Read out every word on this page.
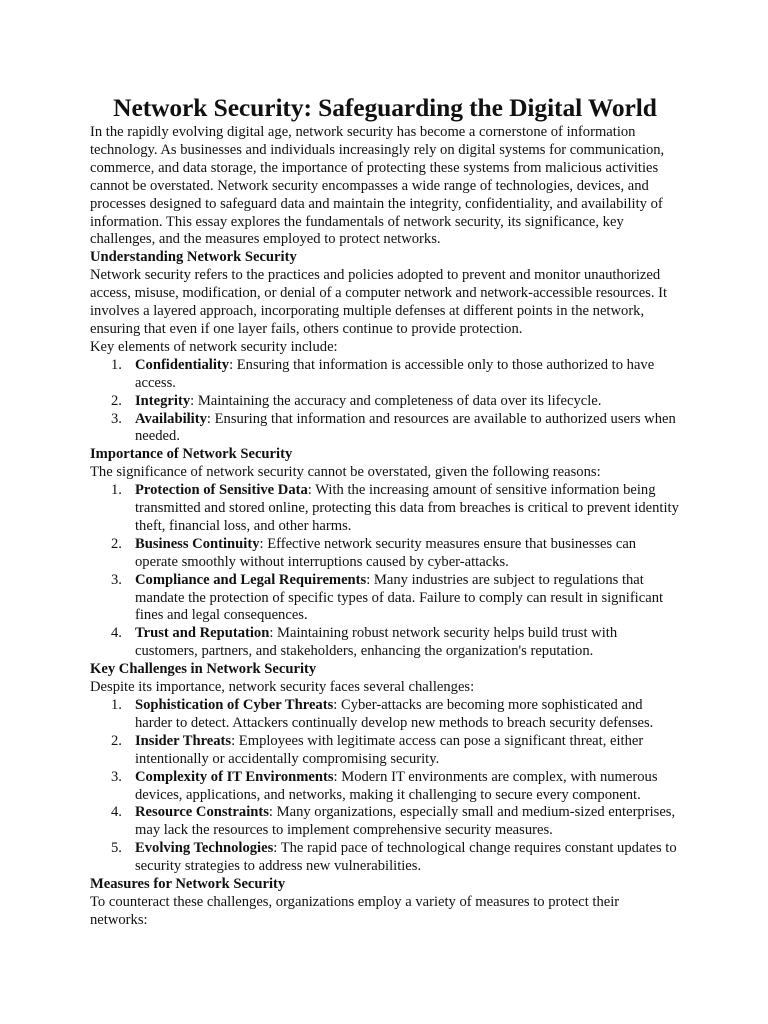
Network Security: Safeguarding the Digital World

In the rapidly evolving digital age, network security has become a cornerstone of information technology. As businesses and individuals increasingly rely on digital systems for communication, commerce, and data storage, the importance of protecting these systems from malicious activities cannot be overstated. Network security encompasses a wide range of technologies, devices, and processes designed to safeguard data and maintain the integrity, confidentiality, and availability of information. This essay explores the fundamentals of network security, its significance, key challenges, and the measures employed to protect networks.

Understanding Network Security

Network security refers to the practices and policies adopted to prevent and monitor unauthorized access, misuse, modification, or denial of a computer network and network-accessible resources. It involves a layered approach, incorporating multiple defenses at different points in the network, ensuring that even if one layer fails, others continue to provide protection.

Key elements of network security include:

1. Confidentiality: Ensuring that information is accessible only to those authorized to have access.
2. Integrity: Maintaining the accuracy and completeness of data over its lifecycle.
3. Availability: Ensuring that information and resources are available to authorized users when needed.

Importance of Network Security

The significance of network security cannot be overstated, given the following reasons:

1. Protection of Sensitive Data: With the increasing amount of sensitive information being transmitted and stored online, protecting this data from breaches is critical to prevent identity theft, financial loss, and other harms.
2. Business Continuity: Effective network security measures ensure that businesses can operate smoothly without interruptions caused by cyber-attacks.
3. Compliance and Legal Requirements: Many industries are subject to regulations that mandate the protection of specific types of data. Failure to comply can result in significant fines and legal consequences.
4. Trust and Reputation: Maintaining robust network security helps build trust with customers, partners, and stakeholders, enhancing the organization's reputation.

Key Challenges in Network Security

Despite its importance, network security faces several challenges:

1. Sophistication of Cyber Threats: Cyber-attacks are becoming more sophisticated and harder to detect. Attackers continually develop new methods to breach security defenses.
2. Insider Threats: Employees with legitimate access can pose a significant threat, either intentionally or accidentally compromising security.
3. Complexity of IT Environments: Modern IT environments are complex, with numerous devices, applications, and networks, making it challenging to secure every component.
4. Resource Constraints: Many organizations, especially small and medium-sized enterprises, may lack the resources to implement comprehensive security measures.
5. Evolving Technologies: The rapid pace of technological change requires constant updates to security strategies to address new vulnerabilities.

Measures for Network Security

To counteract these challenges, organizations employ a variety of measures to protect their networks:
